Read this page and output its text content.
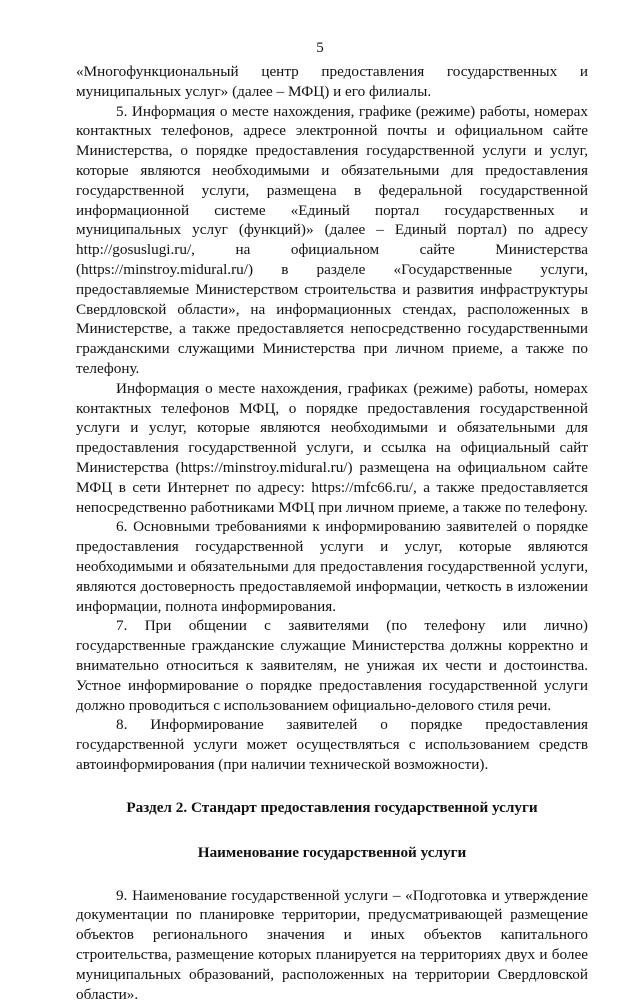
5

«Многофункциональный центр предоставления государственных и муниципальных услуг» (далее – МФЦ) и его филиалы.

5. Информация о месте нахождения, графике (режиме) работы, номерах контактных телефонов, адресе электронной почты и официальном сайте Министерства, о порядке предоставления государственной услуги и услуг, которые являются необходимыми и обязательными для предоставления государственной услуги, размещена в федеральной государственной информационной системе «Единый портал государственных и муниципальных услуг (функций)» (далее – Единый портал) по адресу http://gosuslugi.ru/, на официальном сайте Министерства (https://minstroy.midural.ru/) в разделе «Государственные услуги, предоставляемые Министерством строительства и развития инфраструктуры Свердловской области», на информационных стендах, расположенных в Министерстве, а также предоставляется непосредственно государственными гражданскими служащими Министерства при личном приеме, а также по телефону.

Информация о месте нахождения, графиках (режиме) работы, номерах контактных телефонов МФЦ, о порядке предоставления государственной услуги и услуг, которые являются необходимыми и обязательными для предоставления государственной услуги, и ссылка на официальный сайт Министерства (https://minstroy.midural.ru/) размещена на официальном сайте МФЦ в сети Интернет по адресу: https://mfc66.ru/, а также предоставляется непосредственно работниками МФЦ при личном приеме, а также по телефону.

6. Основными требованиями к информированию заявителей о порядке предоставления государственной услуги и услуг, которые являются необходимыми и обязательными для предоставления государственной услуги, являются достоверность предоставляемой информации, четкость в изложении информации, полнота информирования.

7. При общении с заявителями (по телефону или лично) государственные гражданские служащие Министерства должны корректно и внимательно относиться к заявителям, не унижая их чести и достоинства. Устное информирование о порядке предоставления государственной услуги должно проводиться с использованием официально-делового стиля речи.

8. Информирование заявителей о порядке предоставления государственной услуги может осуществляться с использованием средств автоинформирования (при наличии технической возможности).

Раздел 2. Стандарт предоставления государственной услуги
Наименование государственной услуги

9. Наименование государственной услуги – «Подготовка и утверждение документации по планировке территории, предусматривающей размещение объектов регионального значения и иных объектов капитального строительства, размещение которых планируется на территориях двух и более муниципальных образований, расположенных на территории Свердловской области».
